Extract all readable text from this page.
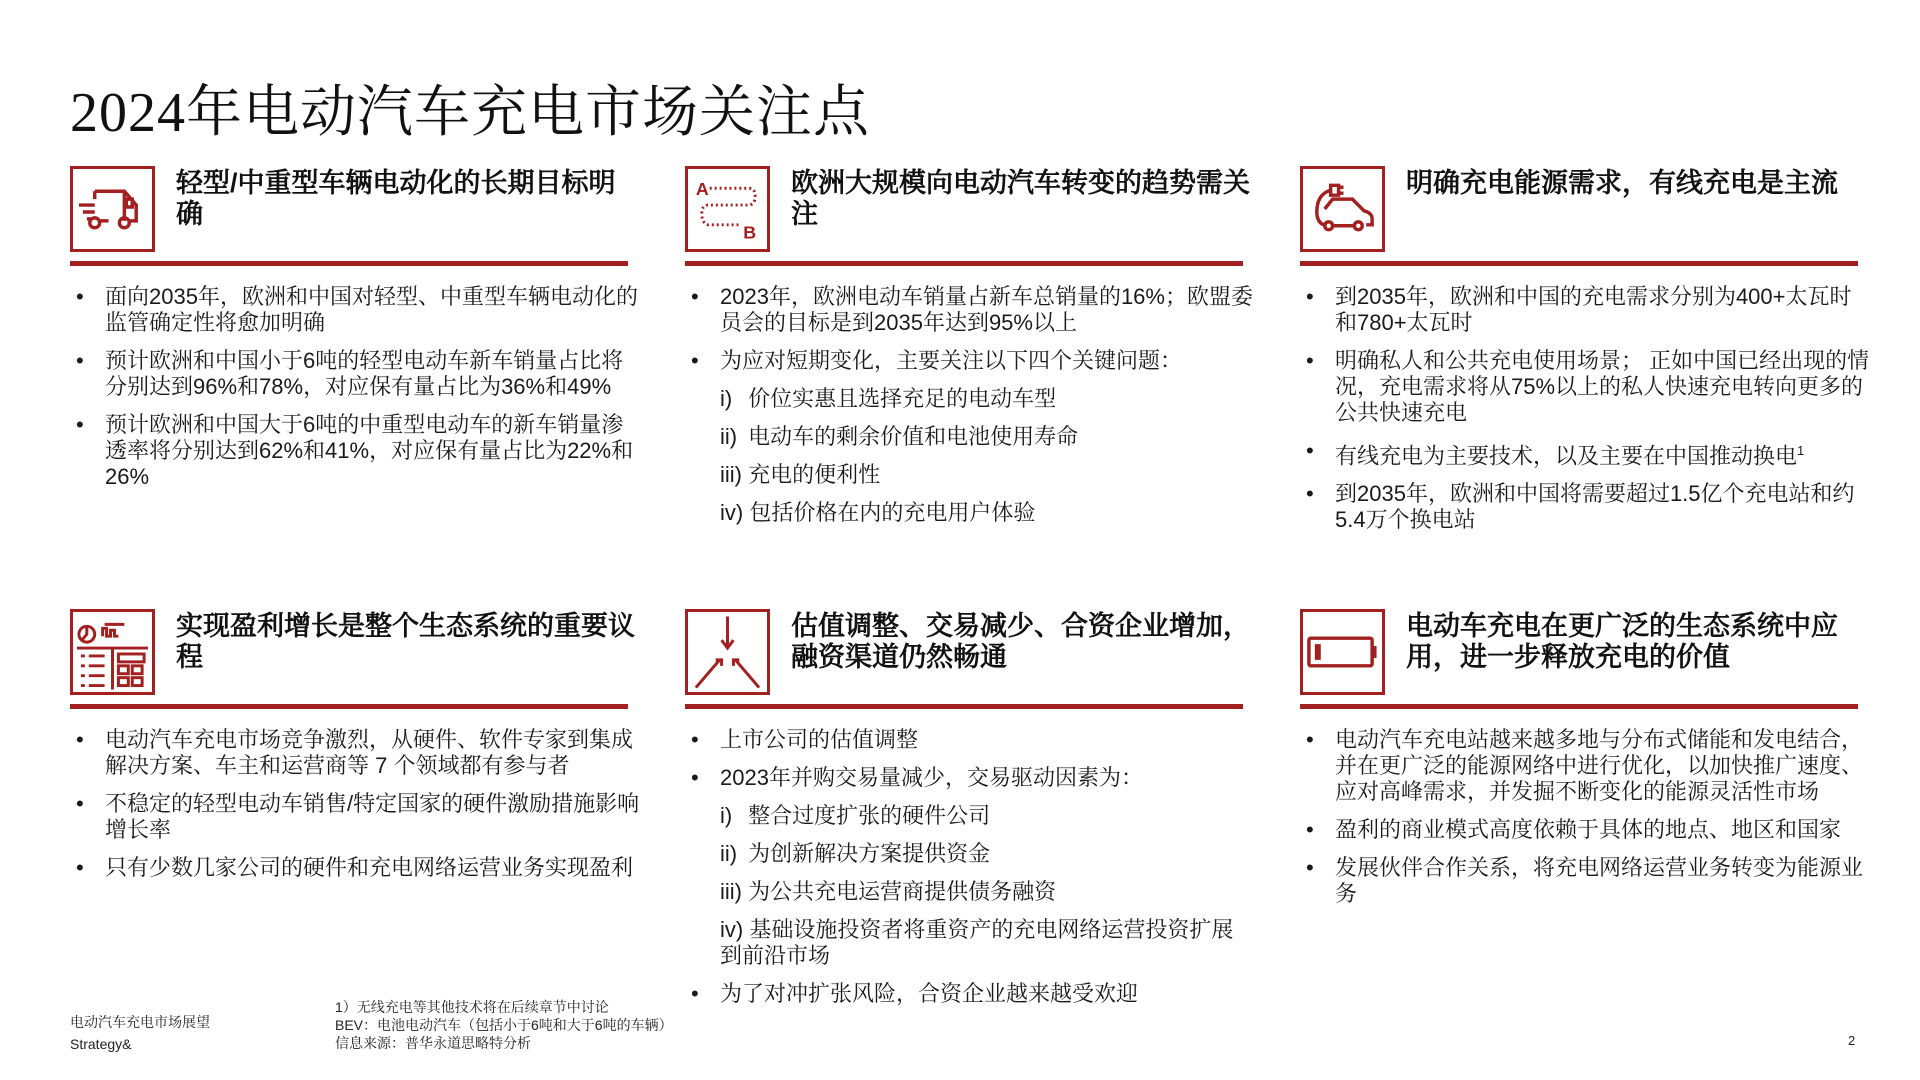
2024年电动汽车充电市场关注点
轻型/中重型车辆电动化的长期目标明确
• 面向2035年，欧洲和中国对轻型、中重型车辆电动化的监管确定性将愈加明确
• 预计欧洲和中国小于6吨的轻型电动车新车销量占比将分别达到96%和78%，对应保有量占比为36%和49%
• 预计欧洲和中国大于6吨的中重型电动车的新车销量渗透率将分别达到62%和41%，对应保有量占比为22%和26%
A
B
欧洲大规模向电动汽车转变的趋势需关注
• 2023年，欧洲电动车销量占新车总销量的16%；欧盟委员会的目标是到2035年达到95%以上
• 为应对短期变化，主要关注以下四个关键问题：
i) 价位实惠且选择充足的电动车型
ii) 电动车的剩余价值和电池使用寿命
iii) 充电的便利性
iv) 包括价格在内的充电用户体验
明确充电能源需求，有线充电是主流
• 到2035年，欧洲和中国的充电需求分别为400+太瓦时和780+太瓦时
• 明确私人和公共充电使用场景； 正如中国已经出现的情况，充电需求将从75%以上的私人快速充电转向更多的公共快速充电
• 有线充电为主要技术，以及主要在中国推动换电$^1$
• 到2035年，欧洲和中国将需要超过1.5亿个充电站和约5.4万个换电站
实现盈利增长是整个生态系统的重要议程
• 电动汽车充电市场竞争激烈，从硬件、软件专家到集成解决方案、车主和运营商等 7 个领域都有参与者
• 不稳定的轻型电动车销售/特定国家的硬件激励措施影响增长率
• 只有少数几家公司的硬件和充电网络运营业务实现盈利
估值调整、交易减少、合资企业增加，融资渠道仍然畅通
• 上市公司的估值调整
• 2023年并购交易量减少，交易驱动因素为：
i) 整合过度扩张的硬件公司
ii) 为创新解决方案提供资金
iii) 为公共充电运营商提供债务融资
iv) 基础设施投资者将重资产的充电网络运营投资扩展到前沿市场
• 为了对冲扩张风险，合资企业越来越受欢迎
电动车充电在更广泛的生态系统中应用，进一步释放充电的价值
• 电动汽车充电站越来越多地与分布式储能和发电结合，并在更广泛的能源网络中进行优化，以加快推广速度、应对高峰需求，并发掘不断变化的能源灵活性市场
• 盈利的商业模式高度依赖于具体的地点、地区和国家
• 发展伙伴合作关系，将充电网络运营业务转变为能源业务
电动汽车充电市场展望
Strategy&
1）无线充电等其他技术将在后续章节中讨论
BEV：电池电动汽车（包括小于6吨和大于6吨的车辆）
信息来源：普华永道思略特分析	2
